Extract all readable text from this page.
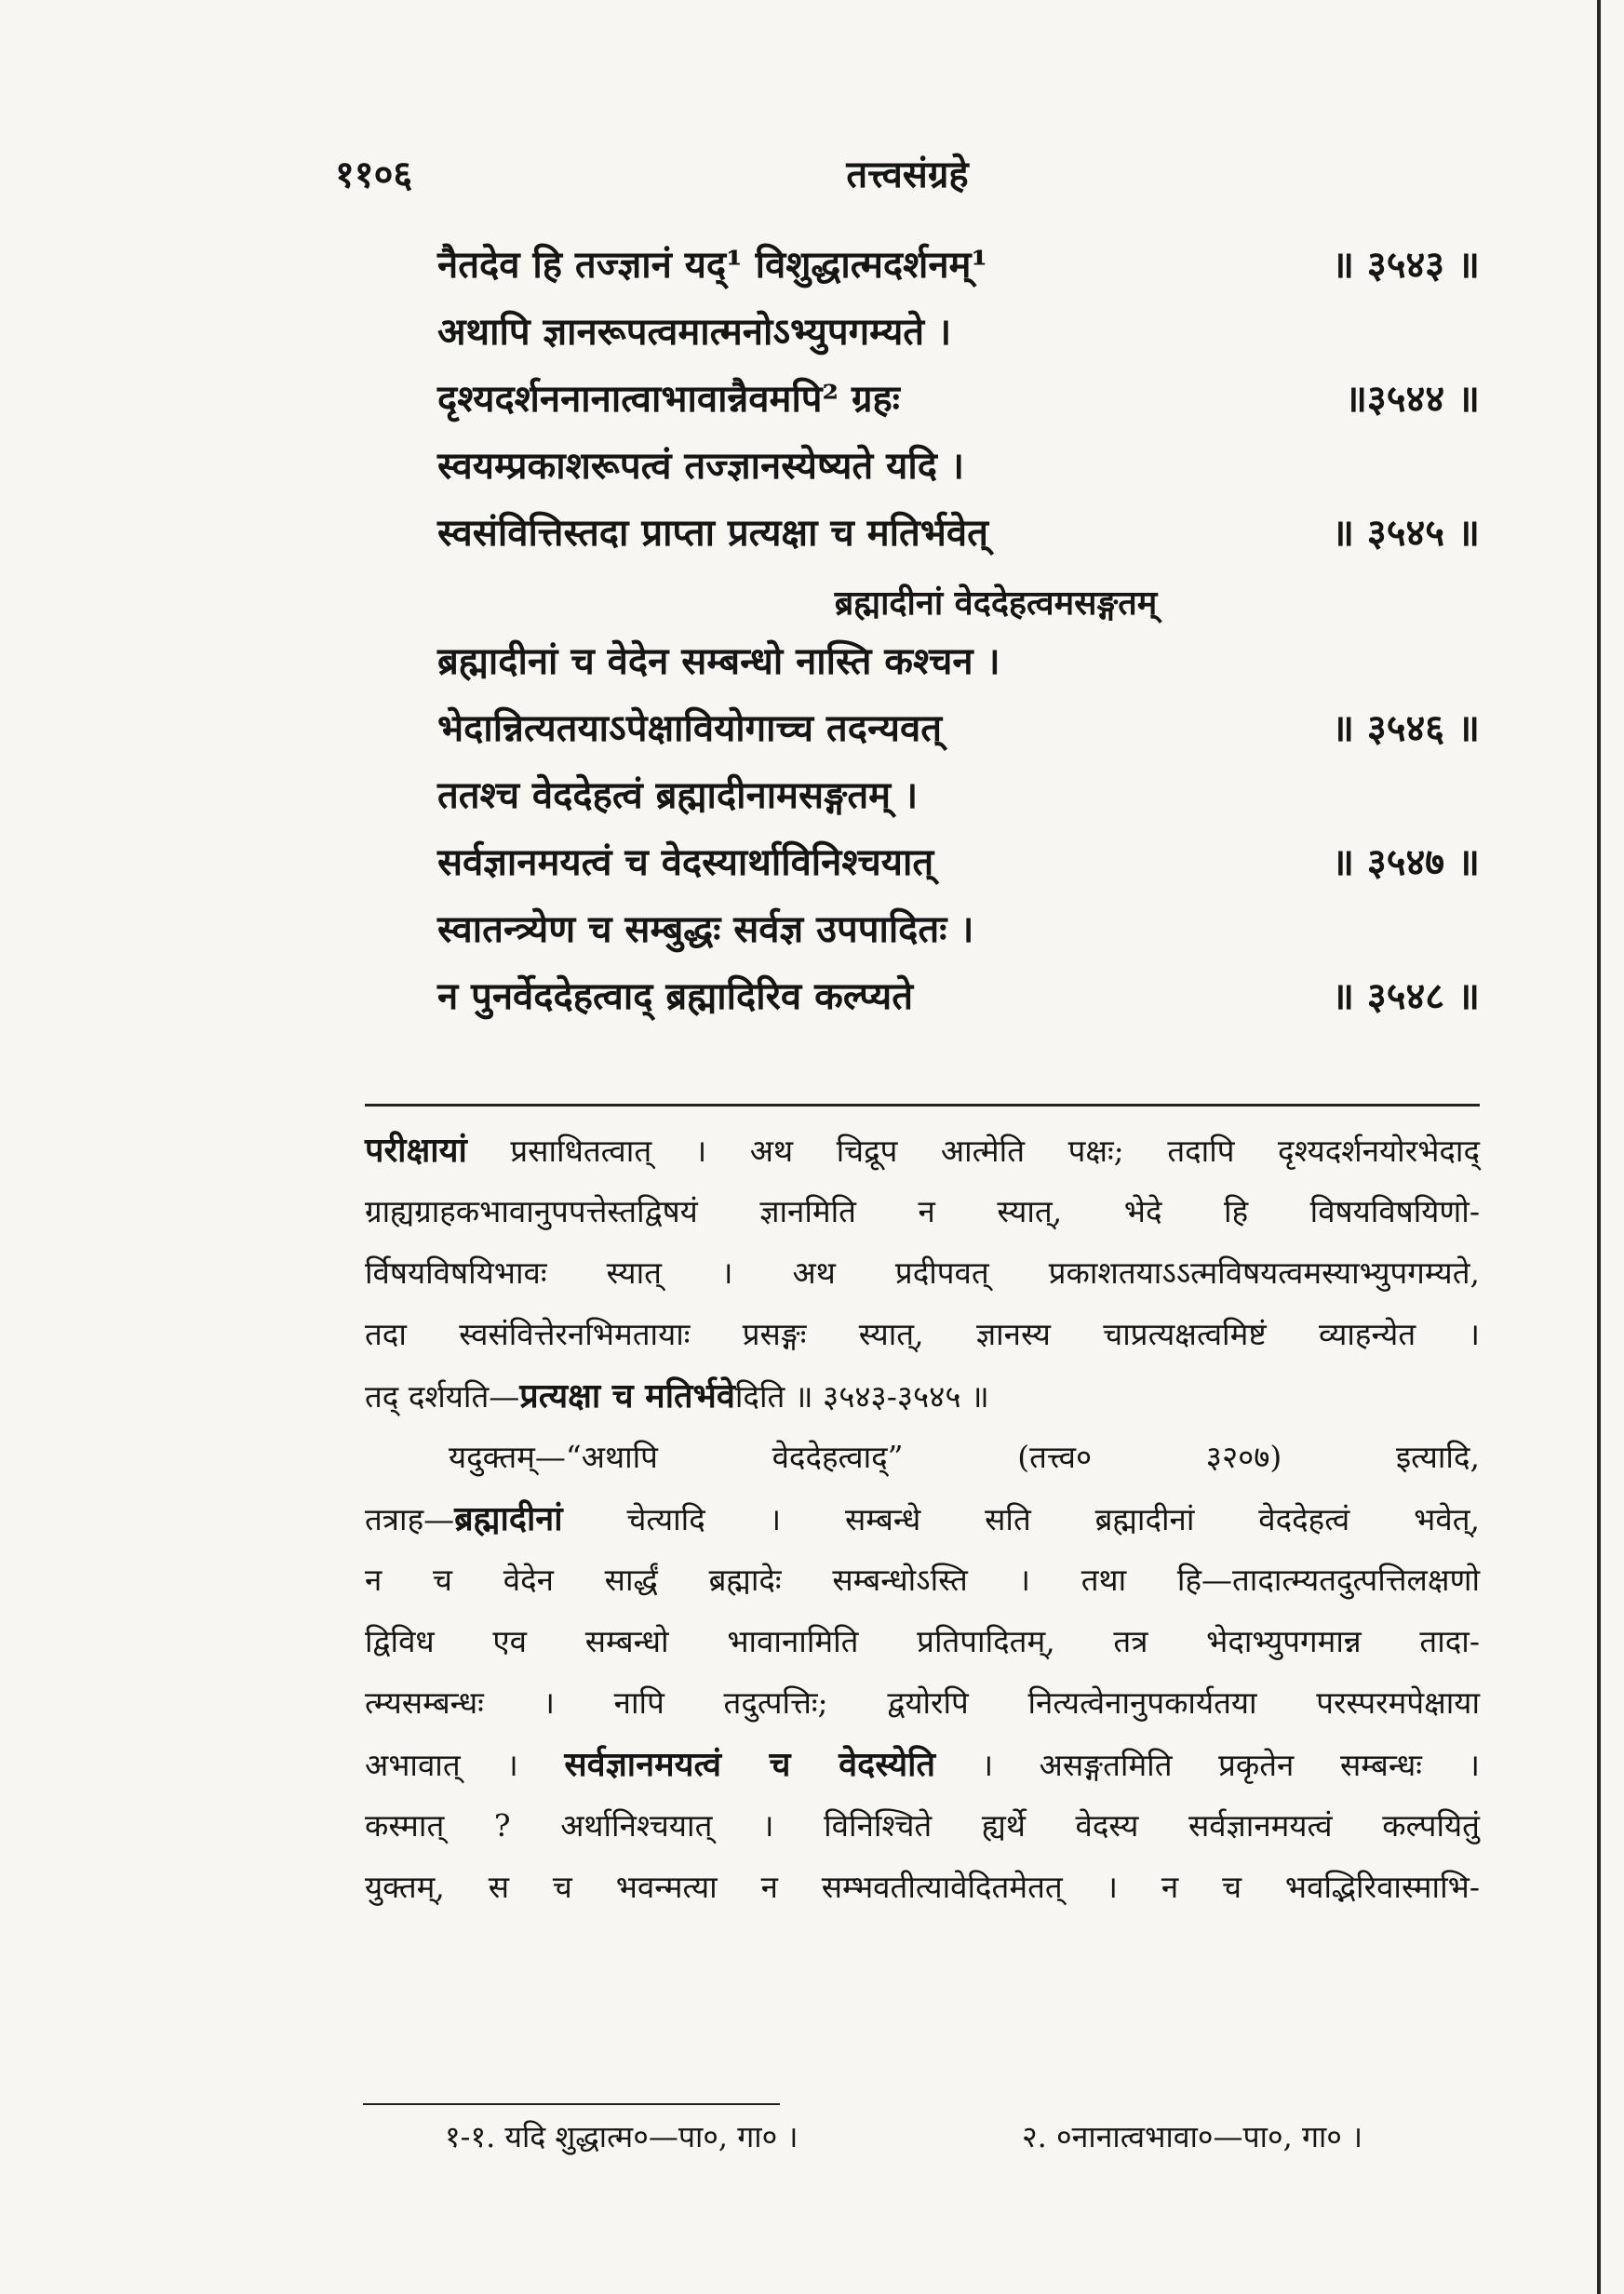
११०६	तत्त्वसंग्रहे
नैतदेव हि तज्ज्ञानं यद्¹ विशुद्धात्मदर्शनम्¹	॥ ३५४३ ॥
अथापि ज्ञानरूपत्वमात्मनोऽभ्युपगम्यते ।
दृश्यदर्शननानात्वाभावान्नैवमपि² ग्रहः	॥३५४४ ॥
स्वयम्प्रकाशरूपत्वं तज्ज्ञानस्येष्यते यदि ।
स्वसंवित्तिस्तदा प्राप्ता प्रत्यक्षा च मतिर्भवेत्	॥ ३५४५ ॥
ब्रह्मादीनां वेददेहत्वमसङ्गतम्
ब्रह्मादीनां च वेदेन सम्बन्धो नास्ति कश्चन ।
भेदान्नित्यतयाऽपेक्षावियोगाच्च तदन्यवत्	॥ ३५४६ ॥
ततश्च वेददेहत्वं ब्रह्मादीनामसङ्गतम् ।
सर्वज्ञानमयत्वं च वेदस्यार्थाविनिश्चयात्	॥ ३५४७ ॥
स्वातन्त्र्येण च सम्बुद्धः सर्वज्ञ उपपादितः ।
न पुनर्वेददेहत्वाद् ब्रह्मादिरिव कल्प्यते	॥ ३५४८ ॥
परीक्षायां प्रसाधितत्वात् । अथ चिद्रूप आत्मेति पक्षः; तदापि दृश्यदर्शनयोरभेदाद्
ग्राह्यग्राहकभावानुपपत्तेस्तद्विषयं ज्ञानमिति न स्यात्, भेदे हि विषयविषयिणो-
र्विषयविषयिभावः स्यात् । अथ प्रदीपवत् प्रकाशतयाऽऽत्मविषयत्वमस्याभ्युपगम्यते,
तदा स्वसंवित्तेरनभिमतायाः प्रसङ्गः स्यात्, ज्ञानस्य चाप्रत्यक्षत्वमिष्टं व्याहन्येत ।
तद् दर्शयति—प्रत्यक्षा च मतिर्भवेदिति ॥ ३५४३-३५४५ ॥
यदुक्तम्—“अथापि वेददेहत्वाद्” (तत्त्व० ३२०७) इत्यादि,
तत्राह—ब्रह्मादीनां चेत्यादि । सम्बन्धे सति ब्रह्मादीनां वेददेहत्वं भवेत्,
न च वेदेन सार्द्धं ब्रह्मादेः सम्बन्धोऽस्ति । तथा हि—तादात्म्यतदुत्पत्तिलक्षणो
द्विविध एव सम्बन्धो भावानामिति प्रतिपादितम्, तत्र भेदाभ्युपगमान्न तादा-
त्म्यसम्बन्धः । नापि तदुत्पत्तिः; द्वयोरपि नित्यत्वेनानुपकार्यतया परस्परमपेक्षाया
अभावात् । सर्वज्ञानमयत्वं च वेदस्येति । असङ्गतमिति प्रकृतेन सम्बन्धः ।
कस्मात् ? अर्थानिश्चयात् । विनिश्चिते ह्यर्थे वेदस्य सर्वज्ञानमयत्वं कल्पयितुं
युक्तम्, स च भवन्मत्या न सम्भवतीत्यावेदितमेतत् । न च भवद्भिरिवास्माभि-
१-१. यदि शुद्धात्म०—पा०, गा० ।	२. ०नानात्वभावा०—पा०, गा० ।
